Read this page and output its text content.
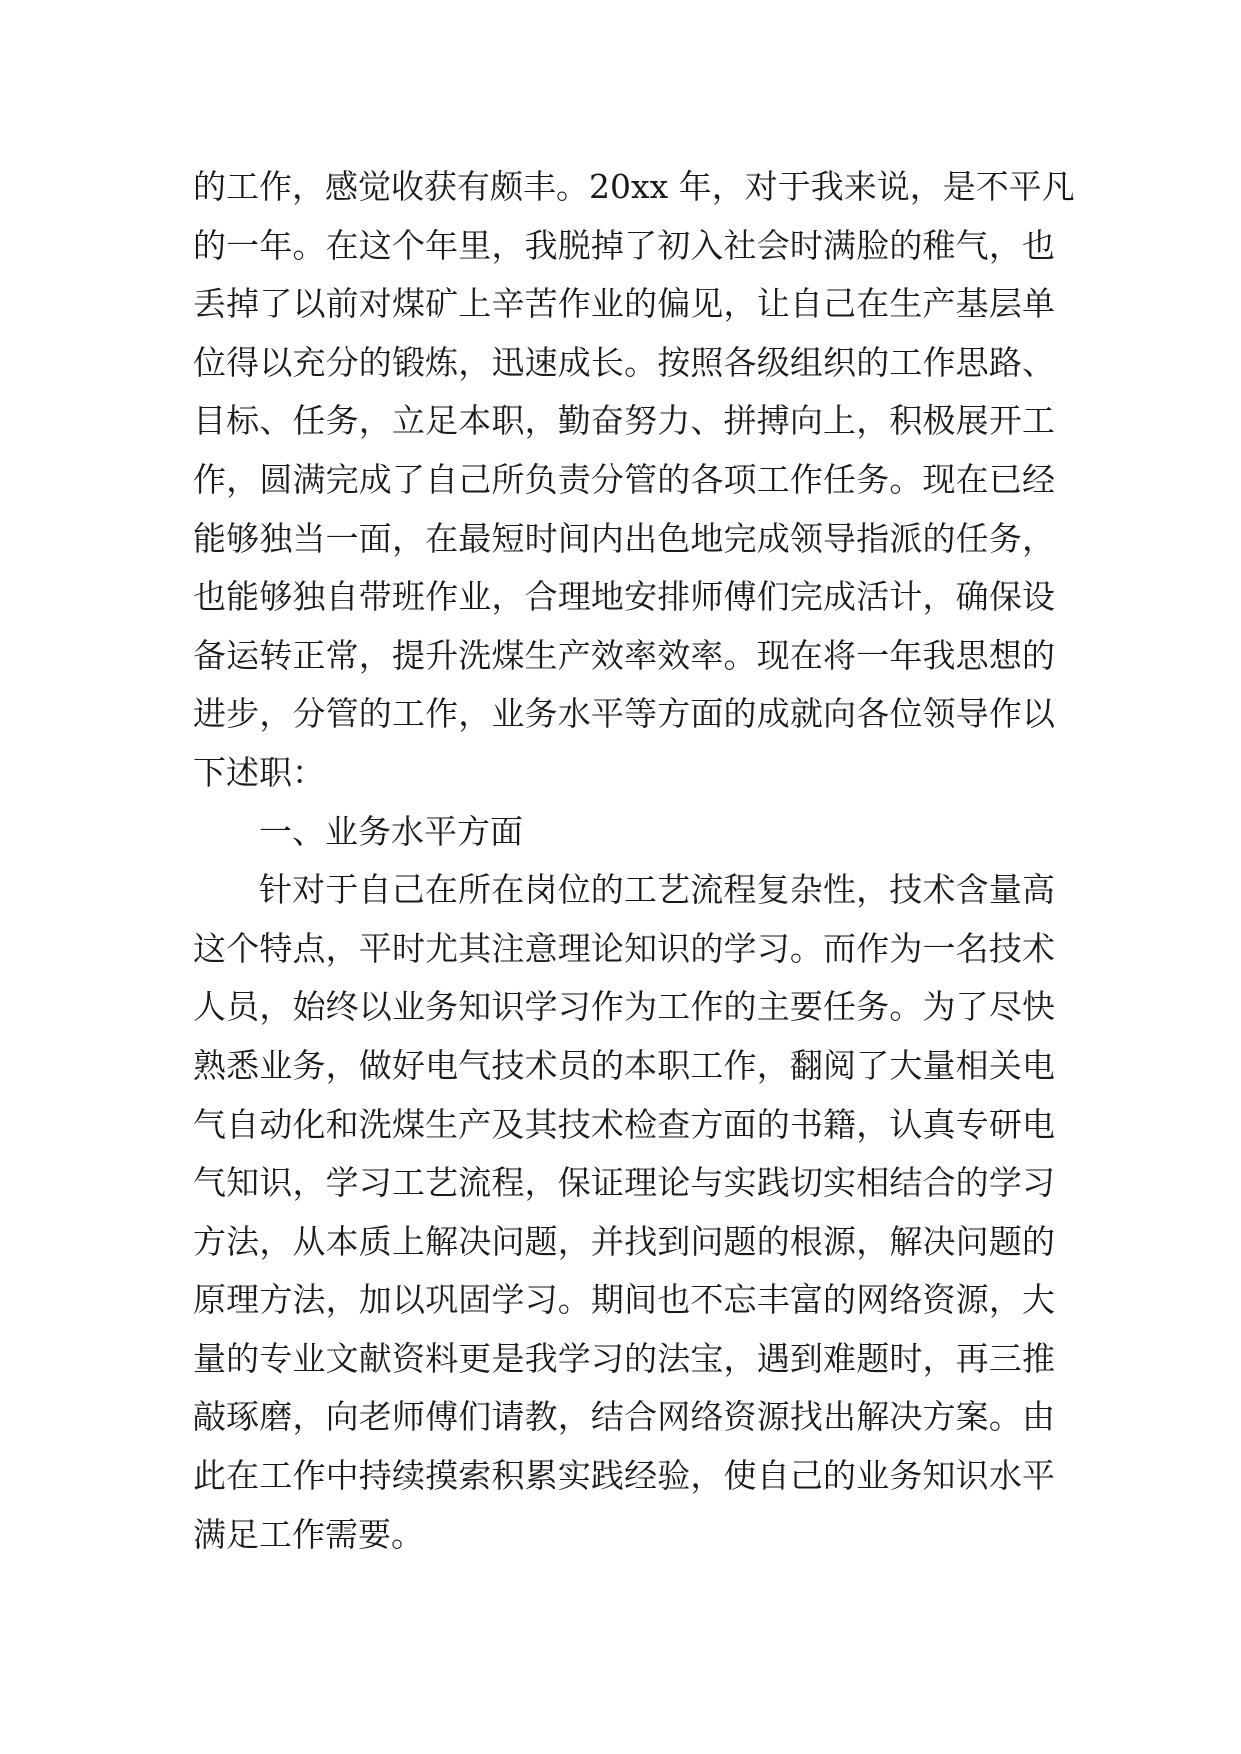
的工作，感觉收获有颇丰。20xx 年，对于我来说，是不平凡
的一年。在这个年里，我脱掉了初入社会时满脸的稚气，也
丢掉了以前对煤矿上辛苦作业的偏见，让自己在生产基层单
位得以充分的锻炼，迅速成长。按照各级组织的工作思路、
目标、任务，立足本职，勤奋努力、拼搏向上，积极展开工
作，圆满完成了自己所负责分管的各项工作任务。现在已经
能够独当一面，在最短时间内出色地完成领导指派的任务，
也能够独自带班作业，合理地安排师傅们完成活计，确保设
备运转正常，提升洗煤生产效率效率。现在将一年我思想的
进步，分管的工作，业务水平等方面的成就向各位领导作以
下述职：
一、业务水平方面
针对于自己在所在岗位的工艺流程复杂性，技术含量高
这个特点，平时尤其注意理论知识的学习。而作为一名技术
人员，始终以业务知识学习作为工作的主要任务。为了尽快
熟悉业务，做好电气技术员的本职工作，翻阅了大量相关电
气自动化和洗煤生产及其技术检查方面的书籍，认真专研电
气知识，学习工艺流程，保证理论与实践切实相结合的学习
方法，从本质上解决问题，并找到问题的根源，解决问题的
原理方法，加以巩固学习。期间也不忘丰富的网络资源，大
量的专业文献资料更是我学习的法宝，遇到难题时，再三推
敲琢磨，向老师傅们请教，结合网络资源找出解决方案。由
此在工作中持续摸索积累实践经验，使自己的业务知识水平
满足工作需要。
